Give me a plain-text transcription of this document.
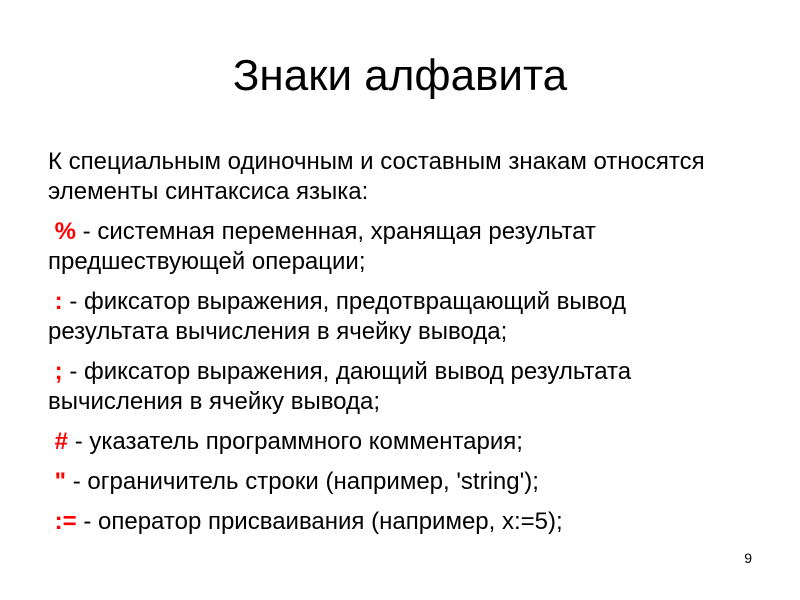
Знаки алфавита

К специальным одиночным и составным знакам относятся элементы синтаксиса языка:

% - системная переменная, хранящая результат предшествующей операции;

: - фиксатор выражения, предотвращающий вывод результата вычисления в ячейку вывода;

; - фиксатор выражения, дающий вывод результата вычисления в ячейку вывода;

# - указатель программного комментария;

" - ограничитель строки (например, 'string');

:= - оператор присваивания (например, x:=5);

9
